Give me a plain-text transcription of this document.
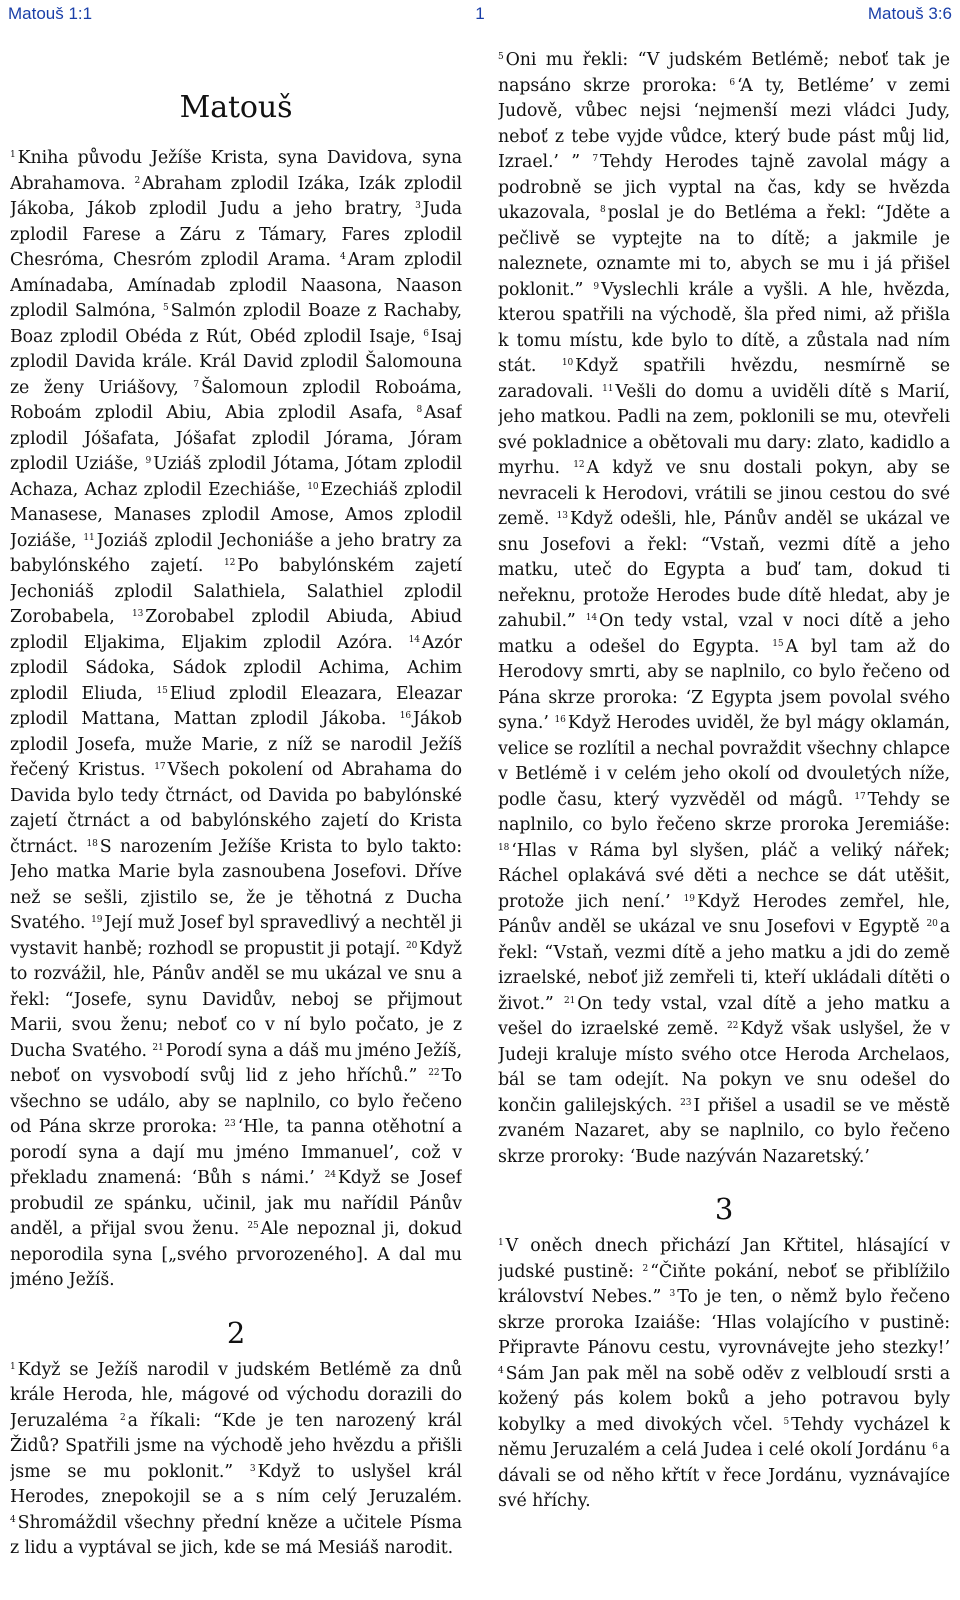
1
Matouš 1:1	Matouš 3:6
Matouš

$^1$ Kniha původu Ježíše Krista, syna Davidova, syna Abrahamova. $^2$ Abraham zplodil Izáka, Izák zplodil Jákoba, Jákob zplodil Judu a jeho bratry, $^3$ Juda zplodil Farese a Záru z Támary, Fares zplodil Chesróma, Chesróm zplodil Arama. $^4$ Aram zplodil Amínadaba, Amínadab zplodil Naasona, Naason zplodil Salmóna, $^5$ Salmón zplodil Boaze z Rachaby, Boaz zplodil Obéda z Rút, Obéd zplodil Isaje, $^6$ Isaj zplodil Davida krále. Král David zplodil Šalomouna ze ženy Uriášovy, $^7$ Šalomoun zplodil Roboáma, Roboám zplodil Abiu, Abia zplodil Asafa, $^8$ Asaf zplodil Jóšafata, Jóšafat zplodil Jórama, Jóram zplodil Uziáše, $^9$ Uziáš zplodil Jótama, Jótam zplodil Achaza, Achaz zplodil Ezechiáše, $^{10}$ Ezechiáš zplodil Manasese, Manases zplodil Amose, Amos zplodil Joziáše, $^{11}$ Joziáš zplodil Jechoniáše a jeho bratry za babylónského zajetí. $^{12}$ Po babylónském zajetí Jechoniáš zplodil Salathiela, Salathiel zplodil Zorobabela, $^{13}$ Zorobabel zplodil Abiuda, Abiud zplodil Eljakima, Eljakim zplodil Azóra. $^{14}$ Azór zplodil Sádoka, Sádok zplodil Achima, Achim zplodil Eliuda, $^{15}$ Eliud zplodil Eleazara, Eleazar zplodil Mattana, Mattan zplodil Jákoba. $^{16}$ Jákob zplodil Josefa, muže Marie, z níž se narodil Ježíš řečený Kristus. $^{17}$ Všech pokolení od Abrahama do Davida bylo tedy čtrnáct, od Davida po babylónské zajetí čtrnáct a od babylónského zajetí do Krista čtrnáct. $^{18}$ S narozením Ježíše Krista to bylo takto: Jeho matka Marie byla zasnoubena Josefovi. Dříve než se sešli, zjistilo se, že je těhotná z Ducha Svatého. $^{19}$ Její muž Josef byl spravedlivý a nechtěl ji vystavit hanbě; rozhodl se propustit ji potají. $^{20}$ Když to rozvážil, hle, Pánův anděl se mu ukázal ve snu a řekl: “Josefe, synu Davidův, neboj se přijmout Marii, svou ženu; neboť co v ní bylo počato, je z Ducha Svatého. $^{21}$ Porodí syna a dáš mu jméno Ježíš, neboť on vysvobodí svůj lid z jeho hříchů.” $^{22}$ To všechno se událo, aby se naplnilo, co bylo řečeno od Pána skrze proroka: $^{23}$ ‘Hle, ta panna otěhotní a porodí syna a dají mu jméno Immanuel’, což v překladu znamená: ‘Bůh s námi.’ $^{24}$ Když se Josef probudil ze spánku, učinil, jak mu nařídil Pánův anděl, a přijal svou ženu. $^{25}$ Ale nepoznal ji, dokud neporodila syna [„svého prvorozeného]. A dal mu jméno Ježíš.

2

$^1$ Když se Ježíš narodil v judském Betlémě za dnů krále Heroda, hle, mágové od východu dorazili do Jeruzaléma $^2$ a říkali: “Kde je ten narozený král Židů? Spatřili jsme na východě jeho hvězdu a přišli jsme se mu poklonit.” $^3$ Když to uslyšel král Herodes, znepokojil se a s ním celý Jeruzalém. $^4$ Shromáždil všechny přední kněze a učitele Písma z lidu a vyptával se jich, kde se má Mesiáš narodit.

$^5$ Oni mu řekli: “V judském Betlémě; neboť tak je napsáno skrze proroka: $^6$ ‘A ty, Betléme’ v zemi Judově, vůbec nejsi ‘nejmenší mezi vládci Judy, neboť z tebe vyjde vůdce, který bude pást můj lid, Izrael.’ ” $^7$ Tehdy Herodes tajně zavolal mágy a podrobně se jich vyptal na čas, kdy se hvězda ukazovala, $^8$ poslal je do Betléma a řekl: “Jděte a pečlivě se vyptejte na to dítě; a jakmile je naleznete, oznamte mi to, abych se mu i já přišel poklonit.” $^9$ Vyslechli krále a vyšli. A hle, hvězda, kterou spatřili na východě, šla před nimi, až přišla k tomu místu, kde bylo to dítě, a zůstala nad ním stát. $^{10}$ Když spatřili hvězdu, nesmírně se zaradovali. $^{11}$ Vešli do domu a uviděli dítě s Marií, jeho matkou. Padli na zem, poklonili se mu, otevřeli své pokladnice a obětovali mu dary: zlato, kadidlo a myrhu. $^{12}$ A když ve snu dostali pokyn, aby se nevraceli k Herodovi, vrátili se jinou cestou do své země. $^{13}$ Když odešli, hle, Pánův anděl se ukázal ve snu Josefovi a řekl: “Vstaň, vezmi dítě a jeho matku, uteč do Egypta a buď tam, dokud ti neřeknu, protože Herodes bude dítě hledat, aby je zahubil.” $^{14}$ On tedy vstal, vzal v noci dítě a jeho matku a odešel do Egypta. $^{15}$ A byl tam až do Herodovy smrti, aby se naplnilo, co bylo řečeno od Pána skrze proroka: ‘Z Egypta jsem povolal svého syna.’ $^{16}$ Když Herodes uviděl, že byl mágy oklamán, velice se rozlítil a nechal povraždit všechny chlapce v Betlémě i v celém jeho okolí od dvouletých níže, podle času, který vyzvěděl od mágů. $^{17}$ Tehdy se naplnilo, co bylo řečeno skrze proroka Jeremiáše: $^{18}$ ‘Hlas v Ráma byl slyšen, pláč a veliký nářek; Ráchel oplakává své děti a nechce se dát utěšit, protože jich není.’ $^{19}$ Když Herodes zemřel, hle, Pánův anděl se ukázal ve snu Josefovi v Egyptě $^{20}$ a řekl: “Vstaň, vezmi dítě a jeho matku a jdi do země izraelské, neboť již zemřeli ti, kteří ukládali dítěti o život.” $^{21}$ On tedy vstal, vzal dítě a jeho matku a vešel do izraelské země. $^{22}$ Když však uslyšel, že v Judeji kraluje místo svého otce Heroda Archelaos, bál se tam odejít. Na pokyn ve snu odešel do končin galilejských. $^{23}$ I přišel a usadil se ve městě zvaném Nazaret, aby se naplnilo, co bylo řečeno skrze proroky: ‘Bude nazýván Nazaretský.’

3

$^1$ V oněch dnech přichází Jan Křtitel, hlásající v judské pustině: $^2$ “Čiňte pokání, neboť se přiblížilo království Nebes.” $^3$ To je ten, o němž bylo řečeno skrze proroka Izaiáše: ‘Hlas volajícího v pustině: Připravte Pánovu cestu, vyrovnávejte jeho stezky!’ $^4$ Sám Jan pak měl na sobě oděv z velbloudí srsti a kožený pás kolem boků a jeho potravou byly kobylky a med divokých včel. $^5$ Tehdy vycházel k němu Jeruzalém a celá Judea i celé okolí Jordánu $^6$ a dávali se od něho křtít v řece Jordánu, vyznávajíce své hříchy.
